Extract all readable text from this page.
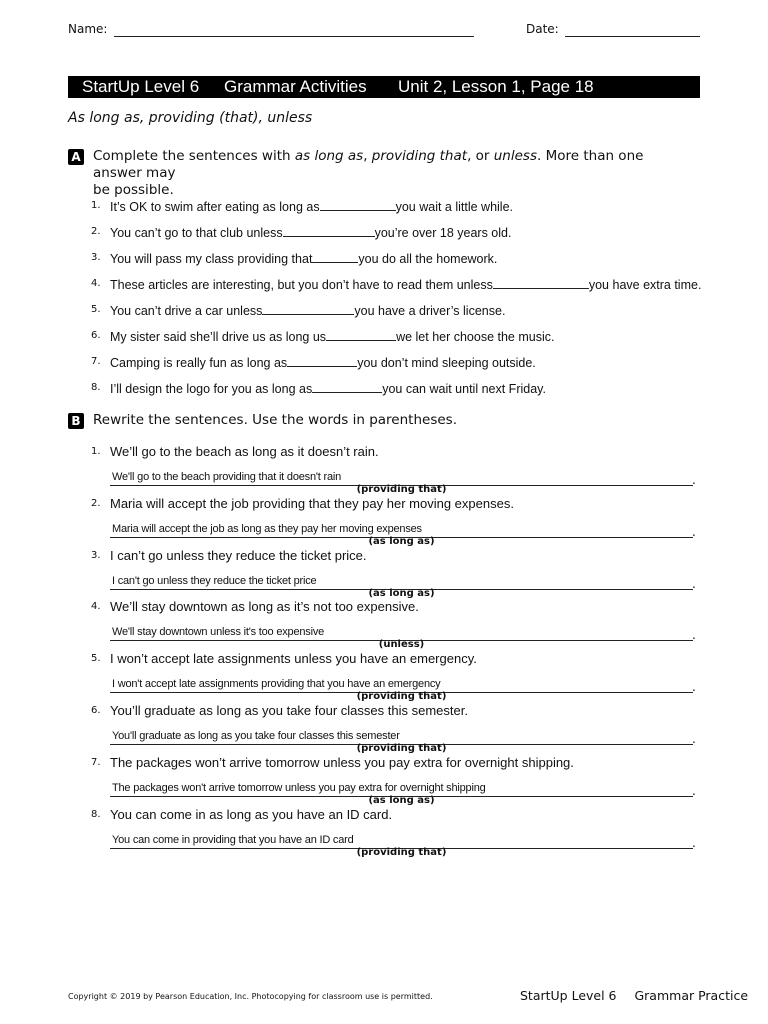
Name:	Date:
StartUp Level 6 Grammar Activities Unit 2, Lesson 1, Page 18
As long as, providing (that), unless
A Complete the sentences with as long as, providing that, or unless. More than one answer may
be possible.
1. It’s OK to swim after eating as long as	you wait a little while.
2. You can’t go to that club unless	you’re over 18 years old.
3. You will pass my class providing that	you do all the homework.
4. These articles are interesting, but you don’t have to read them unless	you have extra time.
5. You can’t drive a car unless	you have a driver’s license.
6. My sister said she’ll drive us as long us	we let her choose the music.
7. Camping is really fun as long as	you don’t mind sleeping outside.
8. I’ll design the logo for you as long as	you can wait until next Friday.
B Rewrite the sentences. Use the words in parentheses.
1. We’ll go to the beach as long as it doesn’t rain.
We'll go to the beach providing that it doesn't rain	.
(providing that)
2. Maria will accept the job providing that they pay her moving expenses.
Maria will accept the job as long as they pay her moving expenses	.
(as long as)
3. I can’t go unless they reduce the ticket price.
I can't go unless they reduce the ticket price	.
(as long as)
4. We’ll stay downtown as long as it’s not too expensive.
We'll stay downtown unless it's too expensive	.
(unless)
5. I won’t accept late assignments unless you have an emergency.
I won't accept late assignments providing that you have an emergency	.
(providing that)
6. You’ll graduate as long as you take four classes this semester.
You'll graduate as long as you take four classes this semester	.
(providing that)
7. The packages won’t arrive tomorrow unless you pay extra for overnight shipping.
The packages won't arrive tomorrow unless you pay extra for overnight shipping	.
(as long as)
8. You can come in as long as you have an ID card.
You can come in providing that you have an ID card	.
(providing that)
Copyright © 2019 by Pearson Education, Inc. Photocopying for classroom use is permitted.	StartUp Level 6 Grammar Practice
